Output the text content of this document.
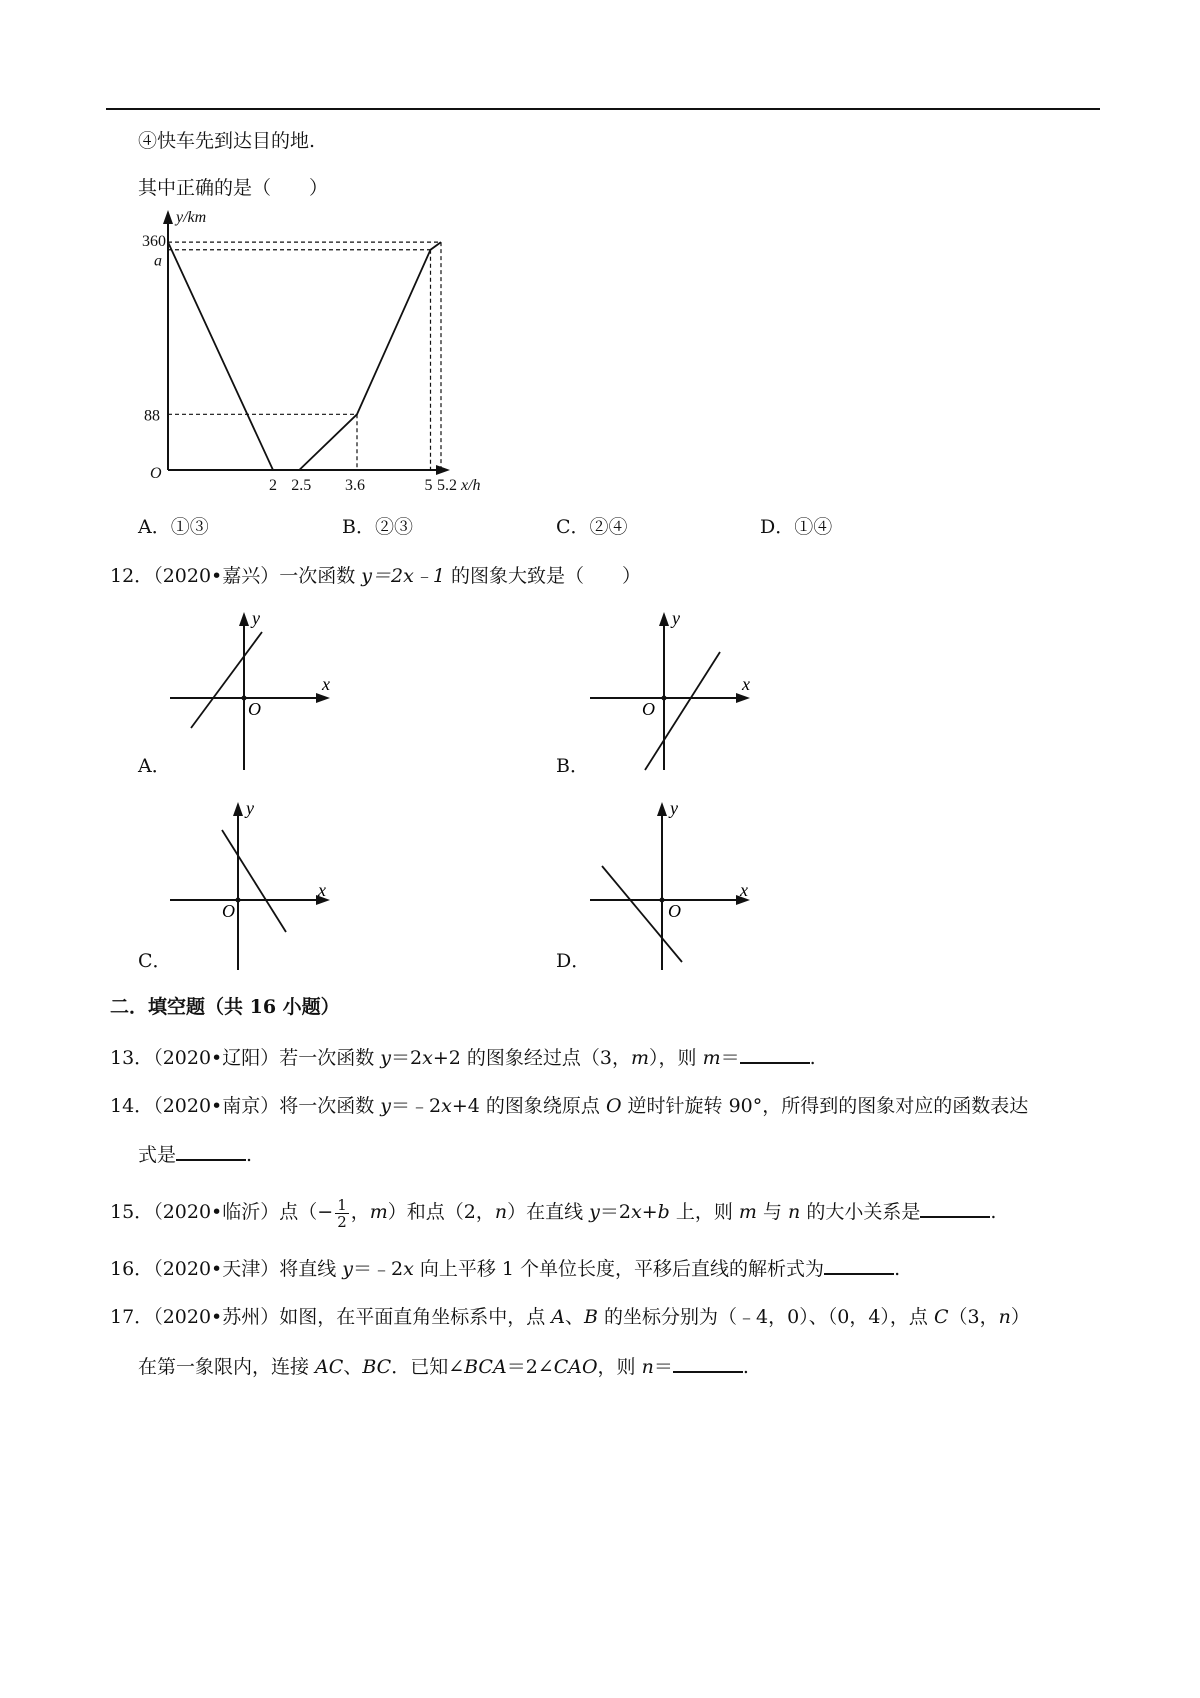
④快车先到达目的地.
其中正确的是（　　）
y/km
360
a
88
O
2 2.5 3.6	5 5.2 x/h
A．①③	B．②③	C．②④	D．①④
12．（2020•嘉兴）一次函数 y＝2x﹣1 的图象大致是（　　）
O
x
y
A．
O
x
y
B．
O
x
y
C．
O
x
y
D．
二．填空题（共 16 小题）
13．（2020•辽阳）若一次函数 y＝2x+2 的图象经过点（3，m），则 m＝	.
14．（2020•南京）将一次函数 y＝﹣2x+4 的图象绕原点 O 逆时针旋转 90°，所得到的图象对应的函数表达
式是	.
15．（2020•临沂）点（− $\frac{1}{2}$ ，m）和点（2，n）在直线 y＝2x+b 上，则 m 与 n 的大小关系是	.
16．（2020•天津）将直线 y＝﹣2x 向上平移 1 个单位长度，平移后直线的解析式为	.
17．（2020•苏州）如图，在平面直角坐标系中，点 A、B 的坐标分别为（﹣4，0）、（0，4），点 C（3，n）
在第一象限内，连接 AC、BC．已知∠BCA＝2∠CAO，则 n＝	.
